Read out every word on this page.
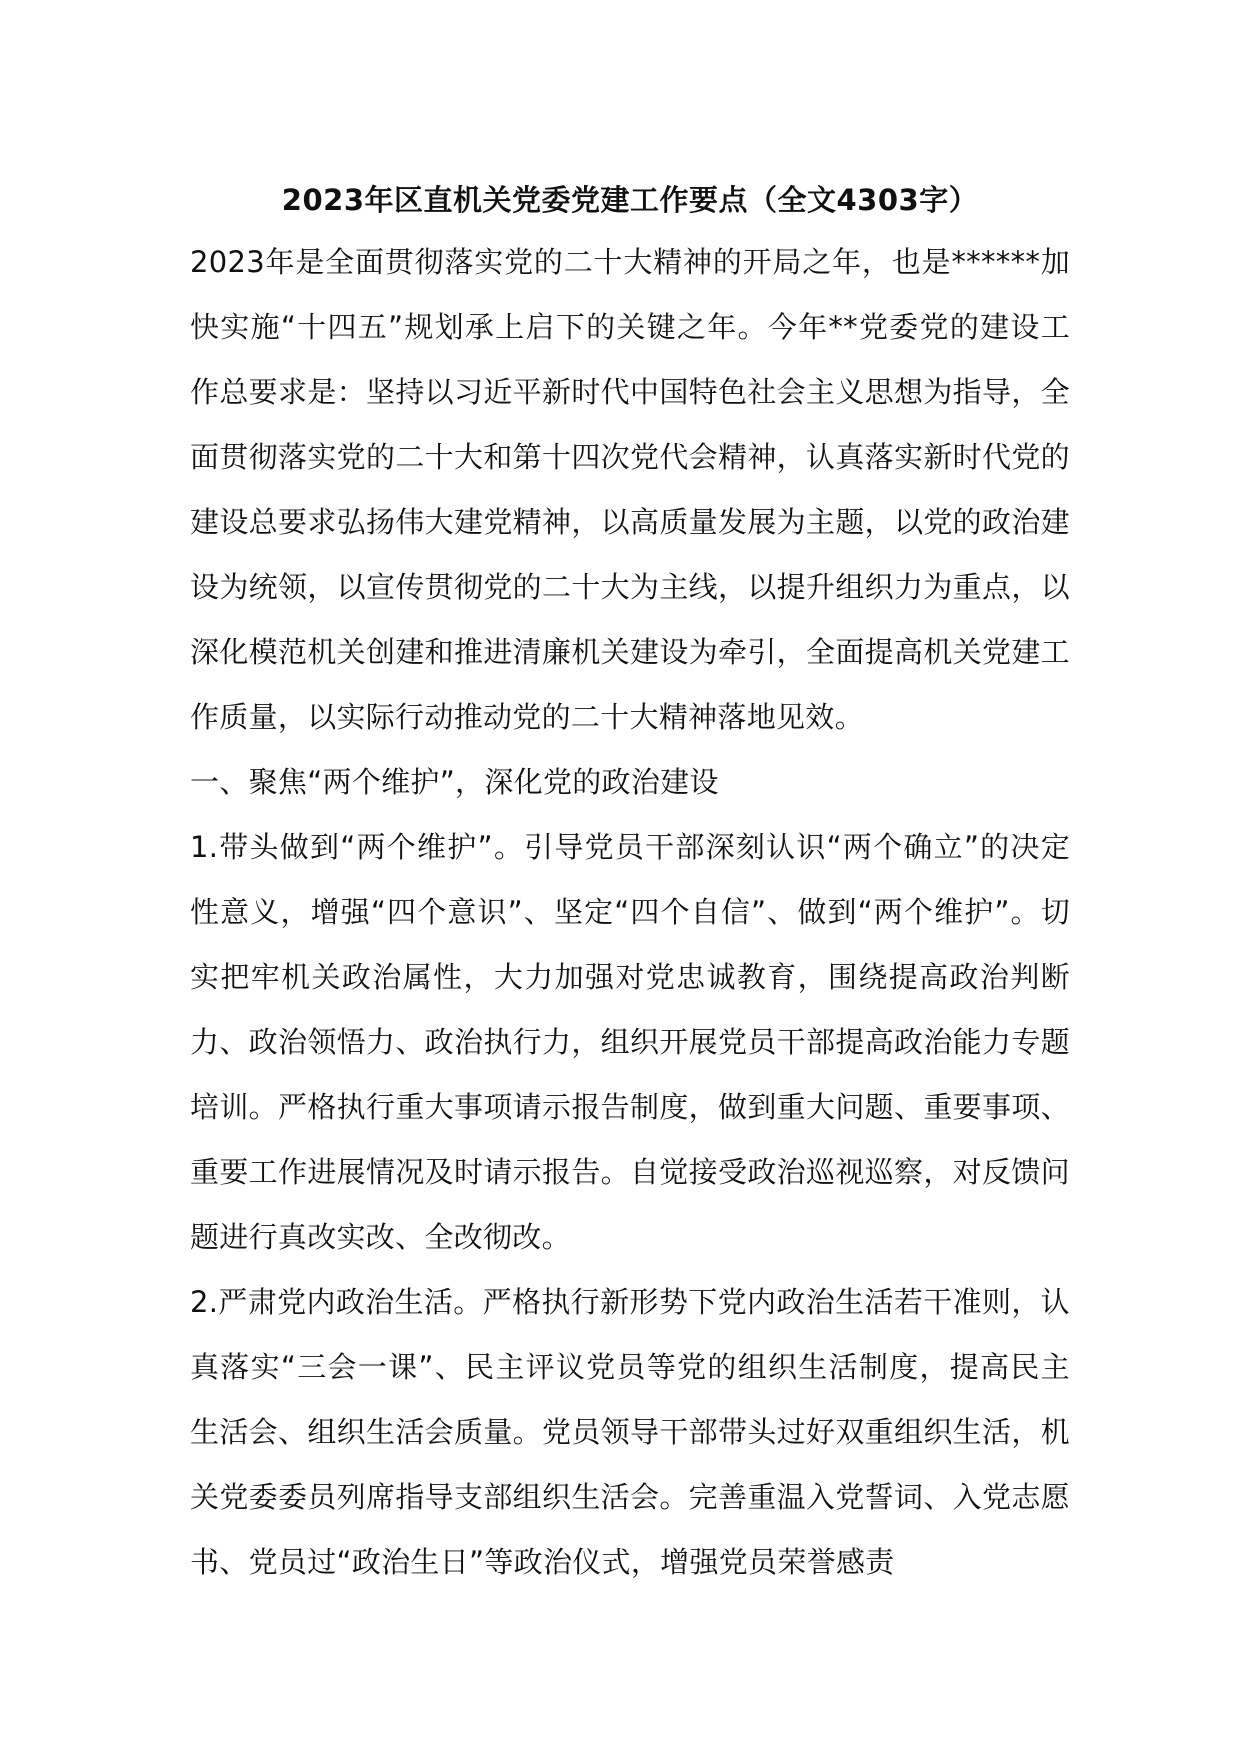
2023年区直机关党委党建工作要点（全文4303字）

2023年是全面贯彻落实党的二十大精神的开局之年，也是******加快实施“十四五”规划承上启下的关键之年。今年**党委党的建设工作总要求是：坚持以习近平新时代中国特色社会主义思想为指导，全面贯彻落实党的二十大和第十四次党代会精神，认真落实新时代党的建设总要求弘扬伟大建党精神，以高质量发展为主题，以党的政治建设为统领，以宣传贯彻党的二十大为主线，以提升组织力为重点，以深化模范机关创建和推进清廉机关建设为牵引，全面提高机关党建工作质量，以实际行动推动党的二十大精神落地见效。

一、聚焦“两个维护”，深化党的政治建设

1.带头做到“两个维护”。引导党员干部深刻认识“两个确立”的决定性意义，增强“四个意识”、坚定“四个自信”、做到“两个维护”。切实把牢机关政治属性，大力加强对党忠诚教育，围绕提高政治判断力、政治领悟力、政治执行力，组织开展党员干部提高政治能力专题培训。严格执行重大事项请示报告制度，做到重大问题、重要事项、重要工作进展情况及时请示报告。自觉接受政治巡视巡察，对反馈问题进行真改实改、全改彻改。

2.严肃党内政治生活。严格执行新形势下党内政治生活若干准则，认真落实“三会一课”、民主评议党员等党的组织生活制度，提高民主生活会、组织生活会质量。党员领导干部带头过好双重组织生活，机关党委委员列席指导支部组织生活会。完善重温入党誓词、入党志愿书、党员过“政治生日”等政治仪式，增强党员荣誉感责
